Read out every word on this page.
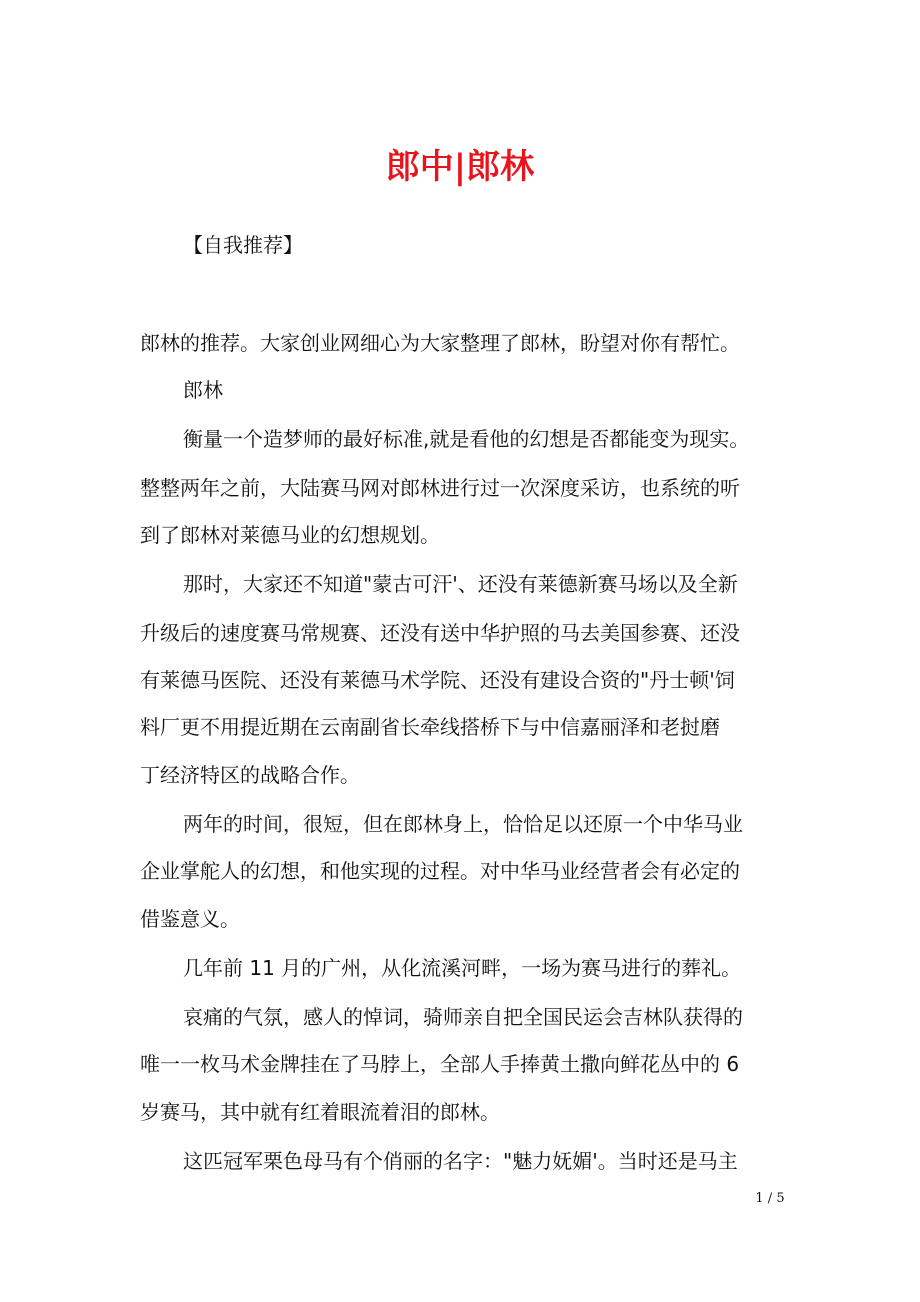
郎中|郎林
【自我推荐】
郎林的推荐。大家创业网细心为大家整理了郎林，盼望对你有帮忙。
郎林
衡量一个造梦师的最好标准,就是看他的幻想是否都能变为现实。
整整两年之前，大陆赛马网对郎林进行过一次深度采访，也系统的听
到了郎林对莱德马业的幻想规划。
那时，大家还不知道"蒙古可汗'、还没有莱德新赛马场以及全新
升级后的速度赛马常规赛、还没有送中华护照的马去美国参赛、还没
有莱德马医院、还没有莱德马术学院、还没有建设合资的"丹士顿'饲
料厂更不用提近期在云南副省长牵线搭桥下与中信嘉丽泽和老挝磨
丁经济特区的战略合作。
两年的时间，很短，但在郎林身上，恰恰足以还原一个中华马业
企业掌舵人的幻想，和他实现的过程。对中华马业经营者会有必定的
借鉴意义。
几年前 11 月的广州，从化流溪河畔，一场为赛马进行的葬礼。
哀痛的气氛，感人的悼词，骑师亲自把全国民运会吉林队获得的
唯一一枚马术金牌挂在了马脖上，全部人手捧黄土撒向鲜花丛中的 6
岁赛马，其中就有红着眼流着泪的郎林。
这匹冠军栗色母马有个俏丽的名字："魅力妩媚'。当时还是马主
1 / 5
